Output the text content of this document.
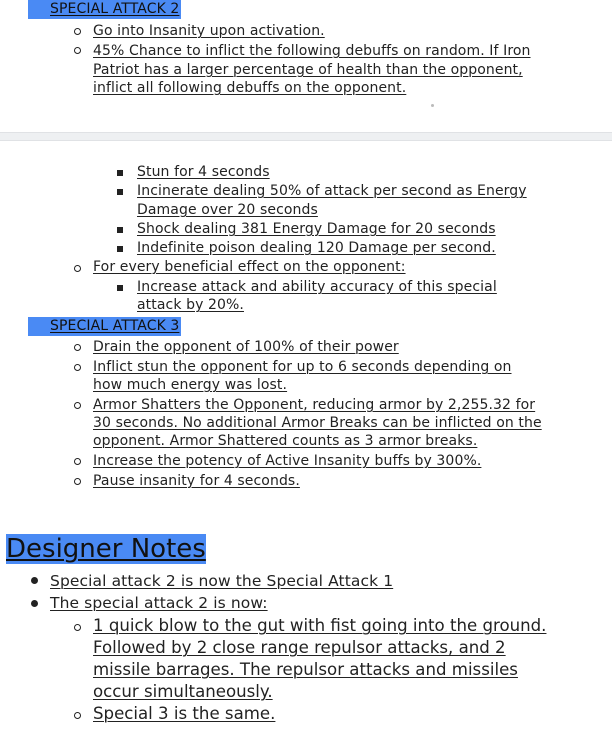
SPECIAL ATTACK 2
Go into Insanity upon activation.
45% Chance to inflict the following debuffs on random. If Iron
Patriot has a larger percentage of health than the opponent,
inflict all following debuffs on the opponent.
Stun for 4 seconds
Incinerate dealing 50% of attack per second as Energy
Damage over 20 seconds
Shock dealing 381 Energy Damage for 20 seconds
Indefinite poison dealing 120 Damage per second.
For every beneficial effect on the opponent:
Increase attack and ability accuracy of this special
attack by 20%.
SPECIAL ATTACK 3
Drain the opponent of 100% of their power
Inflict stun the opponent for up to 6 seconds depending on
how much energy was lost.
Armor Shatters the Opponent, reducing armor by 2,255.32 for
30 seconds. No additional Armor Breaks can be inflicted on the
opponent. Armor Shattered counts as 3 armor breaks.
Increase the potency of Active Insanity buffs by 300%.
Pause insanity for 4 seconds.
Designer Notes
Special attack 2 is now the Special Attack 1
The special attack 2 is now:
1 quick blow to the gut with fist going into the ground.
Followed by 2 close range repulsor attacks, and 2
missile barrages. The repulsor attacks and missiles
occur simultaneously.
Special 3 is the same.
